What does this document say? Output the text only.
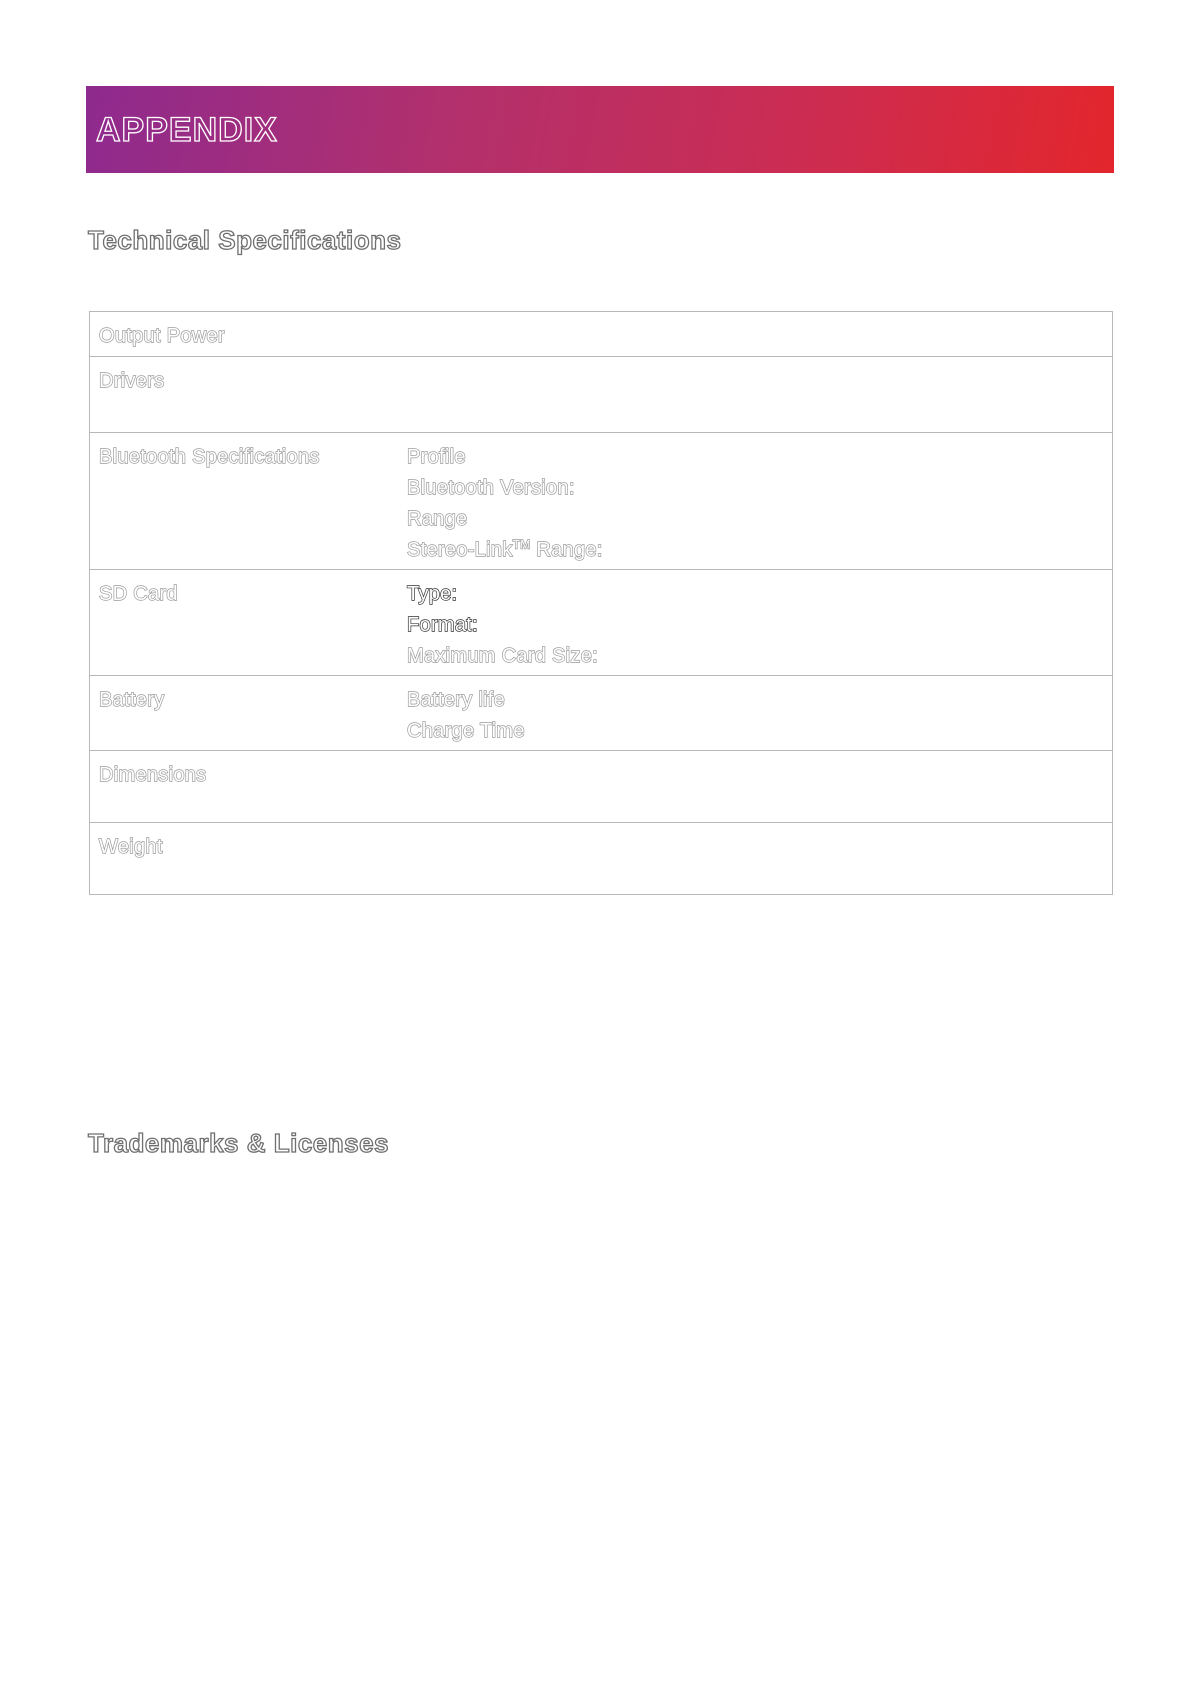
APPENDIX
Technical Specifications
Output Power	
Drivers	
Bluetooth Specifications	Profile
Bluetooth Version:
Range
Stereo-Link™ Range:

SD Card	Type:
Format:
Maximum Card Size:

Battery	Battery life
Charge Time

Dimensions	
Weight	
Trademarks & Licenses
